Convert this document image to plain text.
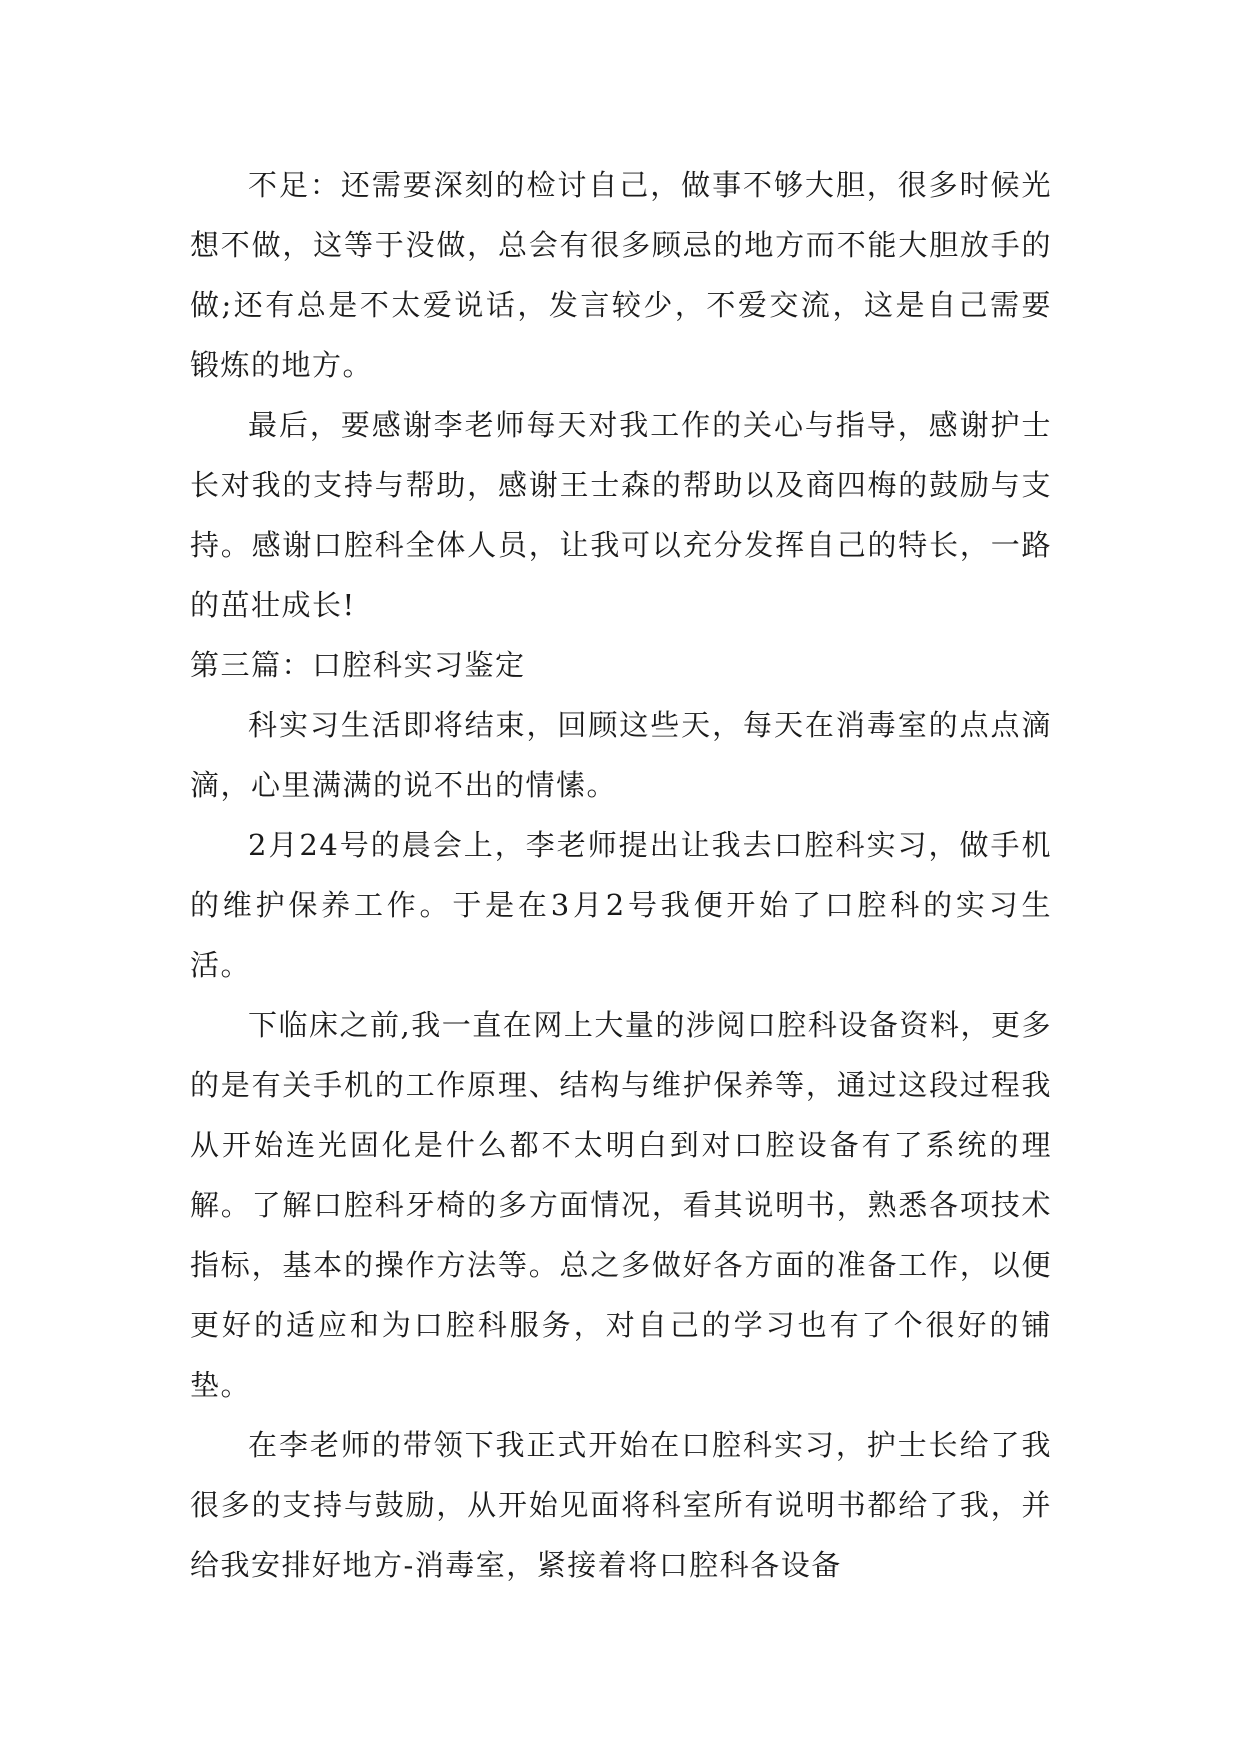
不足：还需要深刻的检讨自己，做事不够大胆，很多时候光想不做，这等于没做，总会有很多顾忌的地方而不能大胆放手的做;还有总是不太爱说话，发言较少，不爱交流，这是自己需要锻炼的地方。

最后，要感谢李老师每天对我工作的关心与指导，感谢护士长对我的支持与帮助，感谢王士森的帮助以及商四梅的鼓励与支持。感谢口腔科全体人员，让我可以充分发挥自己的特长，一路的茁壮成长!

第三篇：口腔科实习鉴定

科实习生活即将结束，回顾这些天，每天在消毒室的点点滴滴，心里满满的说不出的情愫。

2月24号的晨会上，李老师提出让我去口腔科实习，做手机的维护保养工作。于是在3月2号我便开始了口腔科的实习生活。

下临床之前,我一直在网上大量的涉阅口腔科设备资料，更多的是有关手机的工作原理、结构与维护保养等，通过这段过程我从开始连光固化是什么都不太明白到对口腔设备有了系统的理解。了解口腔科牙椅的多方面情况，看其说明书，熟悉各项技术指标，基本的操作方法等。总之多做好各方面的准备工作，以便更好的适应和为口腔科服务，对自己的学习也有了个很好的铺垫。

在李老师的带领下我正式开始在口腔科实习，护士长给了我很多的支持与鼓励，从开始见面将科室所有说明书都给了我，并给我安排好地方-消毒室，紧接着将口腔科各设备
